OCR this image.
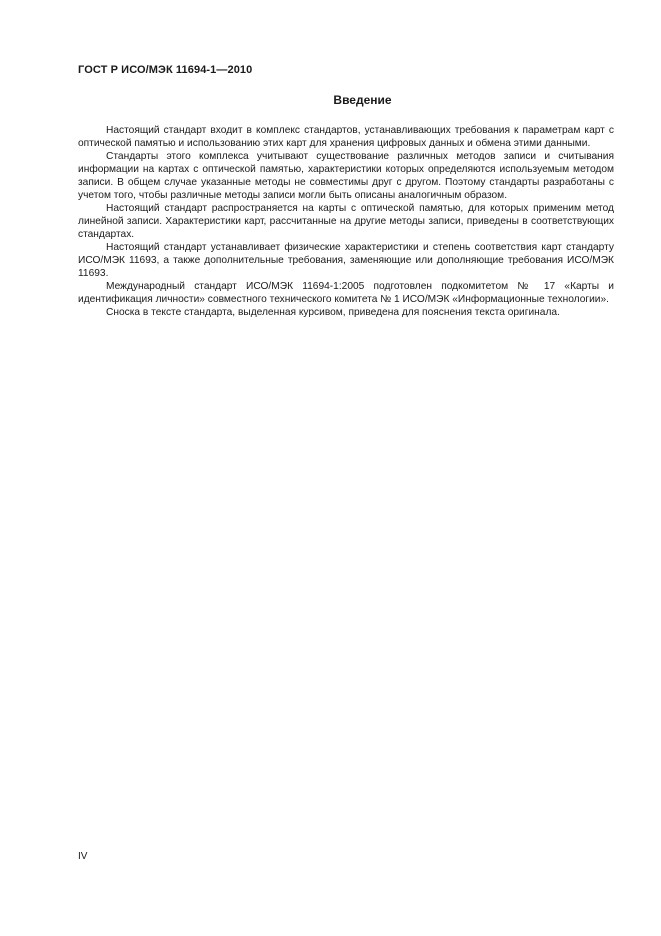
ГОСТ Р ИСО/МЭК 11694-1—2010
Введение

Настоящий стандарт входит в комплекс стандартов, устанавливающих требования к параметрам карт с оптической памятью и использованию этих карт для хранения цифровых данных и обмена этими данными.

Стандарты этого комплекса учитывают существование различных методов записи и считывания информации на картах с оптической памятью, характеристики которых определяются используемым методом записи. В общем случае указанные методы не совместимы друг с другом. Поэтому стандарты разработаны с учетом того, чтобы различные методы записи могли быть описаны аналогичным образом.

Настоящий стандарт распространяется на карты с оптической памятью, для которых применим метод линейной записи. Характеристики карт, рассчитанные на другие методы записи, приведены в соответствующих стандартах.

Настоящий стандарт устанавливает физические характеристики и степень соответствия карт стандарту ИСО/МЭК 11693, а также дополнительные требования, заменяющие или дополняющие требования ИСО/МЭК 11693.

Международный стандарт ИСО/МЭК 11694-1:2005 подготовлен подкомитетом № 17 «Карты и идентификация личности» совместного технического комитета № 1 ИСО/МЭК «Информационные технологии».

Сноска в тексте стандарта, выделенная курсивом, приведена для пояснения текста оригинала.

IV
